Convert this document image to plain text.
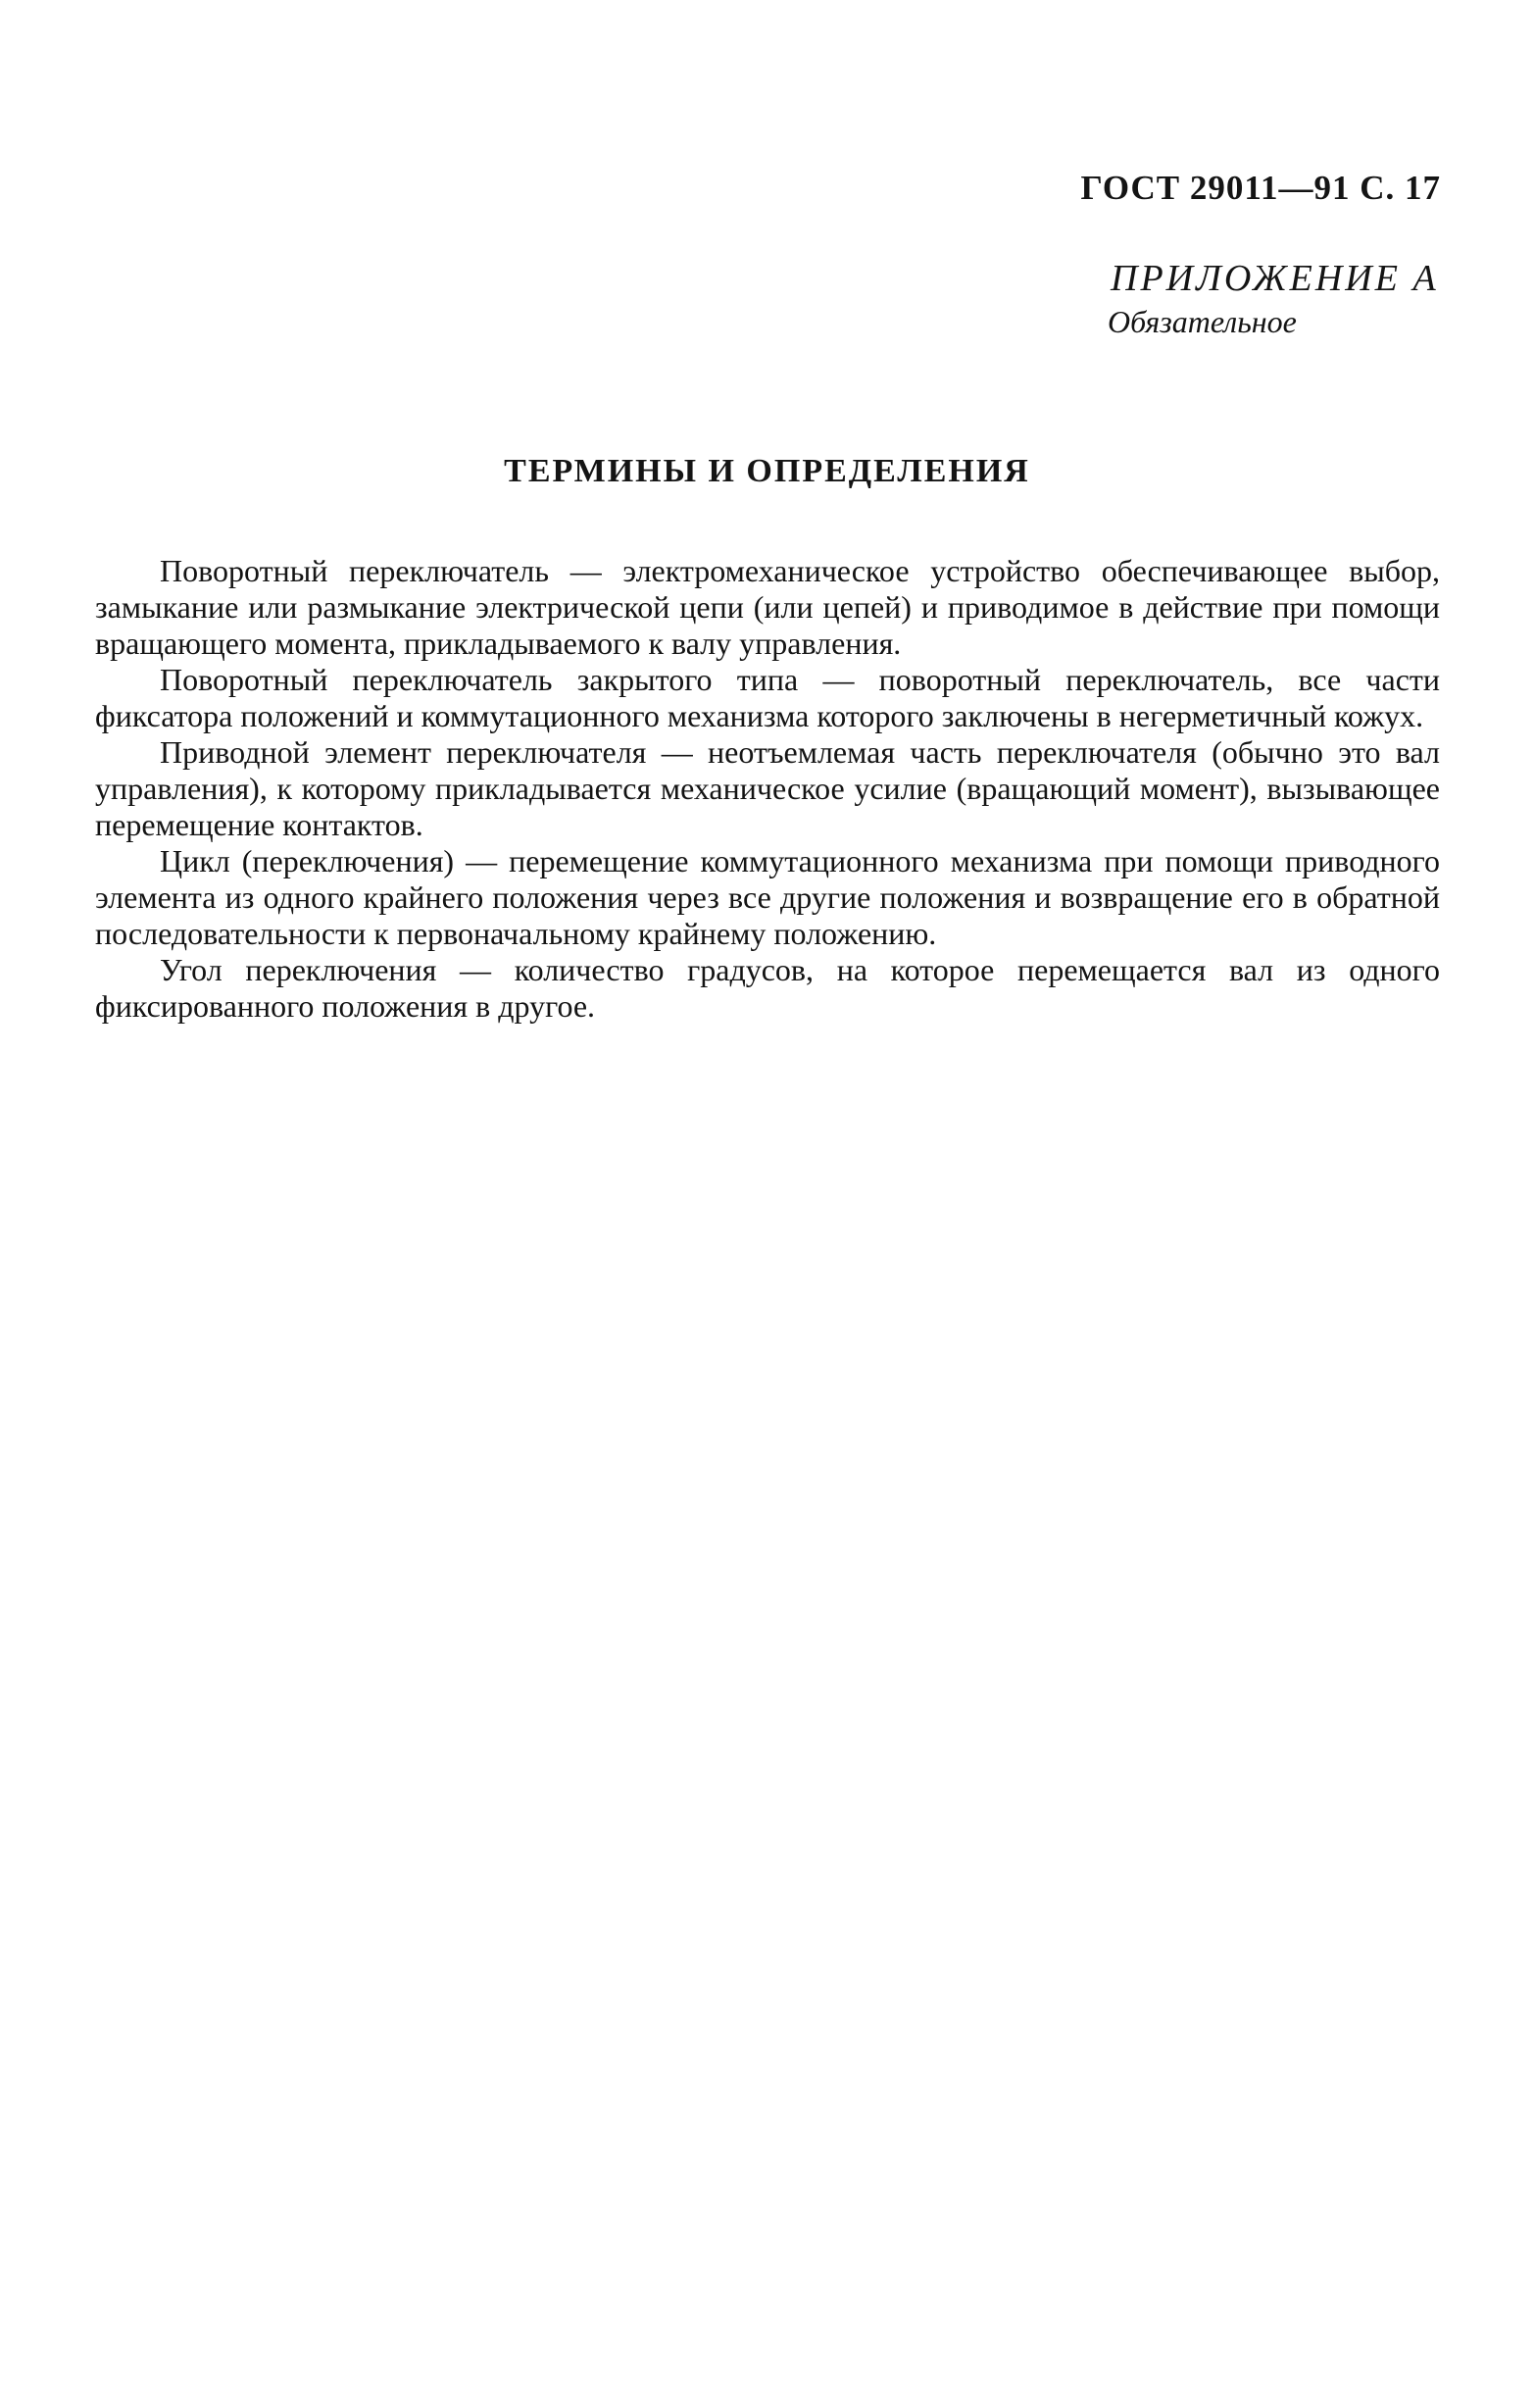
ГОСТ 29011—91 С. 17
ПРИЛОЖЕНИЕ А
Обязательное
ТЕРМИНЫ И ОПРЕДЕЛЕНИЯ

Поворотный переключатель — электромеханическое устройство обеспечивающее выбор, замыкание или размыкание электрической цепи (или цепей) и приводимое в действие при помощи вращающего момента, прикладываемого к валу управления.

Поворотный переключатель закрытого типа — поворотный переключатель, все части фиксатора положений и коммутационного механизма которого заключены в негерметичный кожух.

Приводной элемент переключателя — неотъемлемая часть переключателя (обычно это вал управления), к которому прикладывается механическое усилие (вращающий момент), вызывающее перемещение контактов.

Цикл (переключения) — перемещение коммутационного механизма при помощи приводного элемента из одного крайнего положения через все другие положения и возвращение его в обратной последовательности к первоначальному крайнему положению.

Угол переключения — количество градусов, на которое перемещается вал из одного фиксированного положения в другое.
